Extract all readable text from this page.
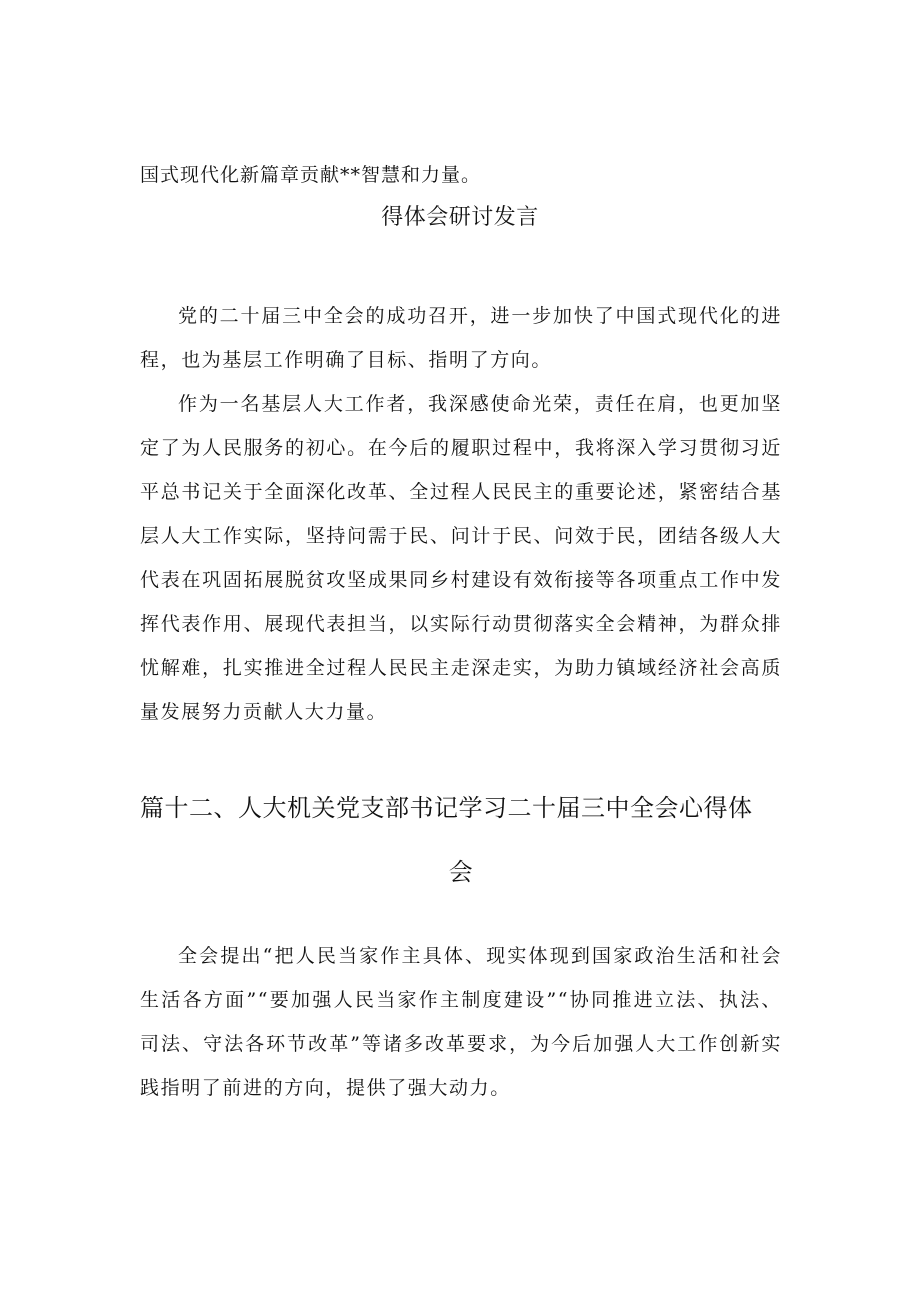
国式现代化新篇章贡献**智慧和力量。

得体会研讨发言

党的二十届三中全会的成功召开，进一步加快了中国式现代化的进程，也为基层工作明确了目标、指明了方向。

作为一名基层人大工作者，我深感使命光荣，责任在肩，也更加坚定了为人民服务的初心。在今后的履职过程中，我将深入学习贯彻习近平总书记关于全面深化改革、全过程人民民主的重要论述，紧密结合基层人大工作实际，坚持问需于民、问计于民、问效于民，团结各级人大代表在巩固拓展脱贫攻坚成果同乡村建设有效衔接等各项重点工作中发挥代表作用、展现代表担当，以实际行动贯彻落实全会精神，为群众排忧解难，扎实推进全过程人民民主走深走实，为助力镇域经济社会高质量发展努力贡献人大力量。

篇十二、人大机关党支部书记学习二十届三中全会心得体
会

全会提出“把人民当家作主具体、现实体现到国家政治生活和社会生活各方面”“要加强人民当家作主制度建设”“协同推进立法、执法、司法、守法各环节改革”等诸多改革要求，为今后加强人大工作创新实践指明了前进的方向，提供了强大动力。
